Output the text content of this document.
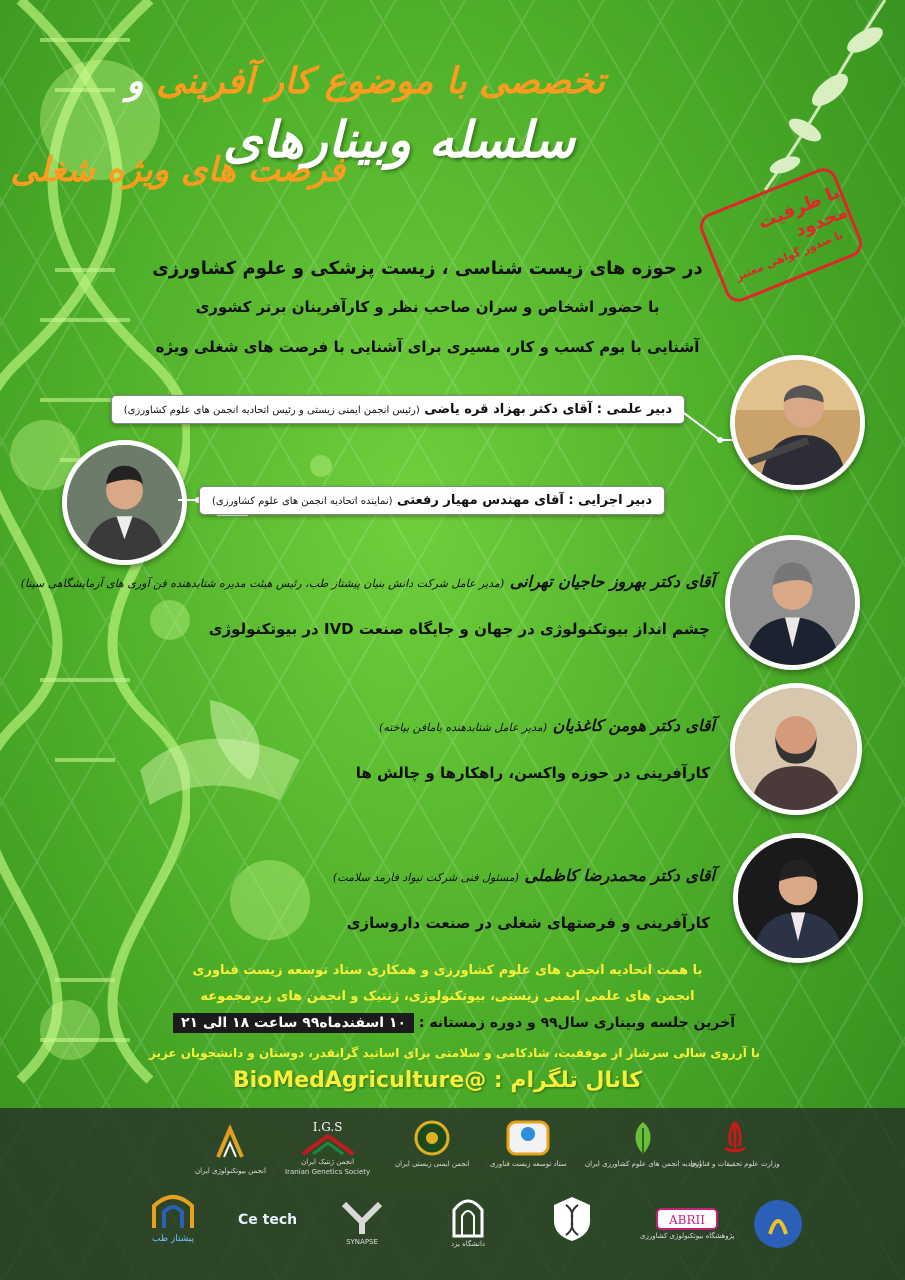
تخصصی با موضوع کار آفرینی و
سلسله وبینارهای
فرصت های ویژه شغلی
با ظرفیت محدود
با صدور گواهی معتبر
در حوزه های زیست شناسی ، زیست پزشکی و علوم کشاورزی
با حضور اشخاص و سران صاحب نظر و کارآفرینان برتر کشوری
آشنایی با بوم کسب و کار، مسیری برای آشنایی با فرصت های شغلی ویژه
دبیر علمی : آقای دکتر بهزاد قره یاضی (رئیس انجمن ایمنی زیستی و رئیس اتحادیه انجمن های علوم کشاورزی)
دبیر اجرایی : آقای مهندس مهیار رفعتی (نماینده اتحادیه انجمن های علوم کشاورزی)
آقای دکتر بهروز حاجیان تهرانی (مدیر عامل شرکت دانش بنیان پیشتاز طب، رئیس هیئت مدیره شتابدهنده فن آوری های آزمایشگاهی سینا)
چشم انداز بیوتکنولوژی در جهان و جایگاه صنعت IVD در بیوتکنولوژی
آقای دکتر هومن کاغذیان (مدیر عامل شتابدهنده بامافن بیاخته)
کارآفرینی در حوزه واکسن، راهکارها و چالش ها
آقای دکتر محمدرضا کاظملی (مسئول فنی شرکت نیواد فارمد سلامت)
کارآفرینی و فرصتهای شغلی در صنعت داروسازی
با همت اتحادیه انجمن های علوم کشاورزی و همکاری ستاد توسعه زیست فناوری
انجمن های علمی ایمنی زیستی، بیوتکنولوژی، ژنتیک و انجمن های زیرمجموعه
آخرین جلسه وبیناری سال۹۹ و دوره زمستانه : ۱۰ اسفندماه۹۹ ساعت ۱۸ الی ۲۱
با آرزوی سالی سرشار از موفقیت، شادکامی و سلامتی برای اساتید گرانقدر، دوستان و دانشجویان عزیز
کانال تلگرام : @BioMedAgriculture
وزارت علوم تحقیقات و فناوری
اتحادیه انجمن های علوم کشاورزی ایران
ستاد توسعه زیست فناوری
انجمن ایمنی زیستی ایران
I.G.S
انجمن ژنتیک ایران
Iranian Genetics Society
انجمن بیوتکنولوژی ایران
ABRII
پژوهشگاه بیوتکنولوژی کشاورزی
دانشگاه یزد
SYNAPSE
Ce tech
پیشتاز طب
